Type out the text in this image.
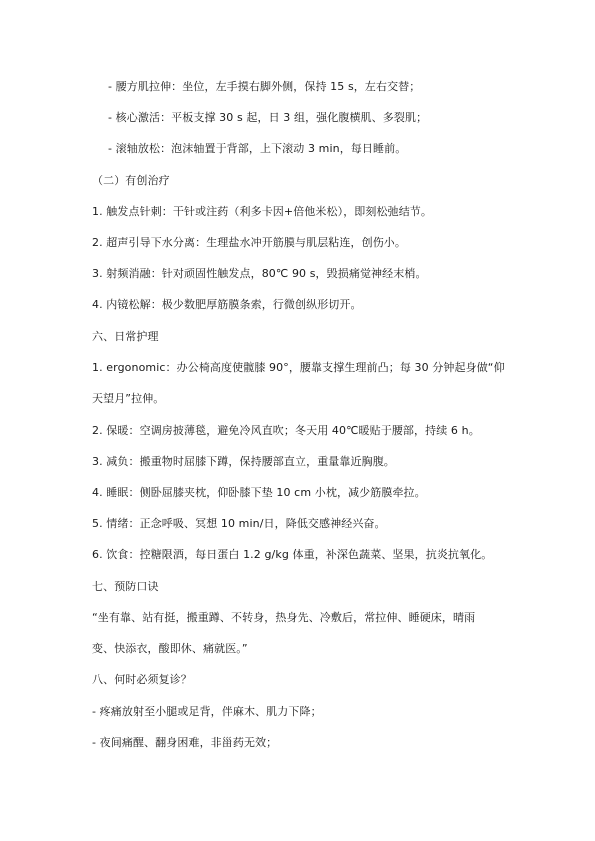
- 腰方肌拉伸：坐位，左手摸右脚外侧，保持 15 s，左右交替；
- 核心激活：平板支撑 30 s 起，日 3 组，强化腹横肌、多裂肌；
- 滚轴放松：泡沫轴置于背部，上下滚动 3 min，每日睡前。
（二）有创治疗
1. 触发点针刺：干针或注药（利多卡因+倍他米松），即刻松弛结节。
2. 超声引导下水分离：生理盐水冲开筋膜与肌层粘连，创伤小。
3. 射频消融：针对顽固性触发点，80℃ 90 s，毁损痛觉神经末梢。
4. 内镜松解：极少数肥厚筋膜条索，行微创纵形切开。
六、日常护理
1. ergonomic：办公椅高度使髋膝 90°，腰靠支撑生理前凸；每 30 分钟起身做“仰
天望月”拉伸。
2. 保暖：空调房披薄毯，避免冷风直吹；冬天用 40℃暖贴于腰部，持续 6 h。
3. 减负：搬重物时屈膝下蹲，保持腰部直立，重量靠近胸腹。
4. 睡眠：侧卧屈膝夹枕，仰卧膝下垫 10 cm 小枕，减少筋膜牵拉。
5. 情绪：正念呼吸、冥想 10 min/日，降低交感神经兴奋。
6. 饮食：控糖限酒，每日蛋白 1.2 g/kg 体重，补深色蔬菜、坚果，抗炎抗氧化。
七、预防口诀
“坐有靠、站有挺，搬重蹲、不转身，热身先、冷敷后，常拉伸、睡硬床，晴雨
变、快添衣，酸即休、痛就医。”
八、何时必须复诊？
- 疼痛放射至小腿或足背，伴麻木、肌力下降；
- 夜间痛醒、翻身困难，非甾药无效；
